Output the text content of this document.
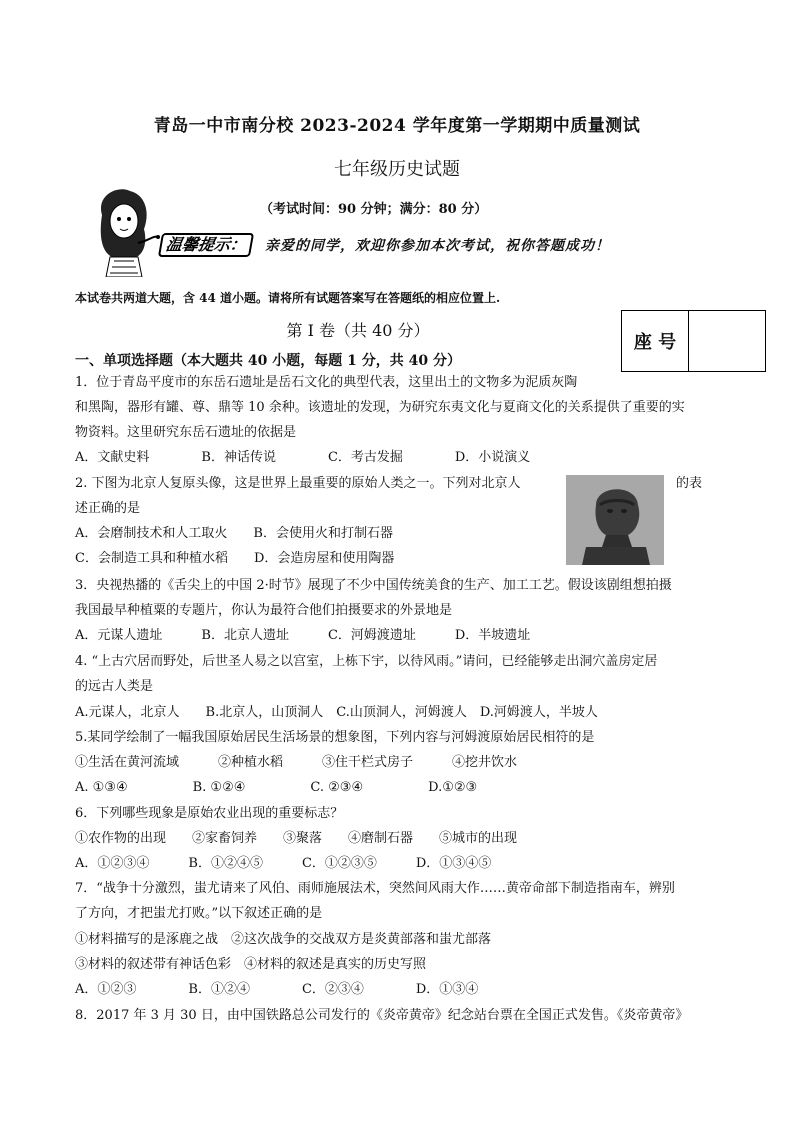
青岛一中市南分校 2023-2024 学年度第一学期期中质量测试
七年级历史试题
（考试时间：90 分钟；满分：80 分）
温馨提示：	亲爱的同学，欢迎你参加本次考试，祝你答题成功！
本试卷共两道大题，含 44 道小题。请将所有试题答案写在答题纸的相应位置上.
第 I 卷（共 40 分）
座 号
一、单项选择题（本大题共 40 小题，每题 1 分，共 40 分）
1．位于青岛平度市的东岳石遗址是岳石文化的典型代表，这里出土的文物多为泥质灰陶
和黑陶，器形有罐、尊、鼎等 10 余种。该遗址的发现，为研究东夷文化与夏商文化的关系提供了重要的实
物资料。这里研究东岳石遗址的依据是
A．文献史料　　　　B．神话传说　　　　C．考古发掘　　　　D．小说演义
2. 下图为北京人复原头像，这是世界上最重要的原始人类之一。下列对北京人	的表
述正确的是
A．会磨制技术和人工取火　　B．会使用火和打制石器
C．会制造工具和种植水稻　　D．会造房屋和使用陶器
3．央视热播的《舌尖上的中国 2·时节》展现了不少中国传统美食的生产、加工工艺。假设该剧组想拍摄
我国最早种植粟的专题片，你认为最符合他们拍摄要求的外景地是
A．元谋人遗址　　　B．北京人遗址　　　C．河姆渡遗址　　　D．半坡遗址
4. “上古穴居而野处，后世圣人易之以宫室，上栋下宇，以待风雨。”请问，已经能够走出洞穴盖房定居
的远古人类是
A.元谋人，北京人　　B.北京人，山顶洞人　C.山顶洞人，河姆渡人　D.河姆渡人，半坡人
5.某同学绘制了一幅我国原始居民生活场景的想象图，下列内容与河姆渡原始居民相符的是
①生活在黄河流域　　　②种植水稻　　　③住干栏式房子　　　④挖井饮水
A. ①③④　　　　　B. ①②④　　　　　C. ②③④　　　　　D.①②③
6．下列哪些现象是原始农业出现的重要标志？
①农作物的出现　　②家畜饲养　　③聚落　　④磨制石器　　⑤城市的出现
A．①②③④　　　B．①②④⑤　　　C．①②③⑤　　　D．①③④⑤
7．“战争十分激烈，蚩尤请来了风伯、雨师施展法术，突然间风雨大作……黄帝命部下制造指南车，辨别
了方向，才把蚩尤打败。”以下叙述正确的是
①材料描写的是涿鹿之战　②这次战争的交战双方是炎黄部落和蚩尤部落
③材料的叙述带有神话色彩　④材料的叙述是真实的历史写照
A．①②③　　　　B．①②④　　　　C．②③④　　　　D．①③④
8．2017 年 3 月 30 日，由中国铁路总公司发行的《炎帝黄帝》纪念站台票在全国正式发售。《炎帝黄帝》
